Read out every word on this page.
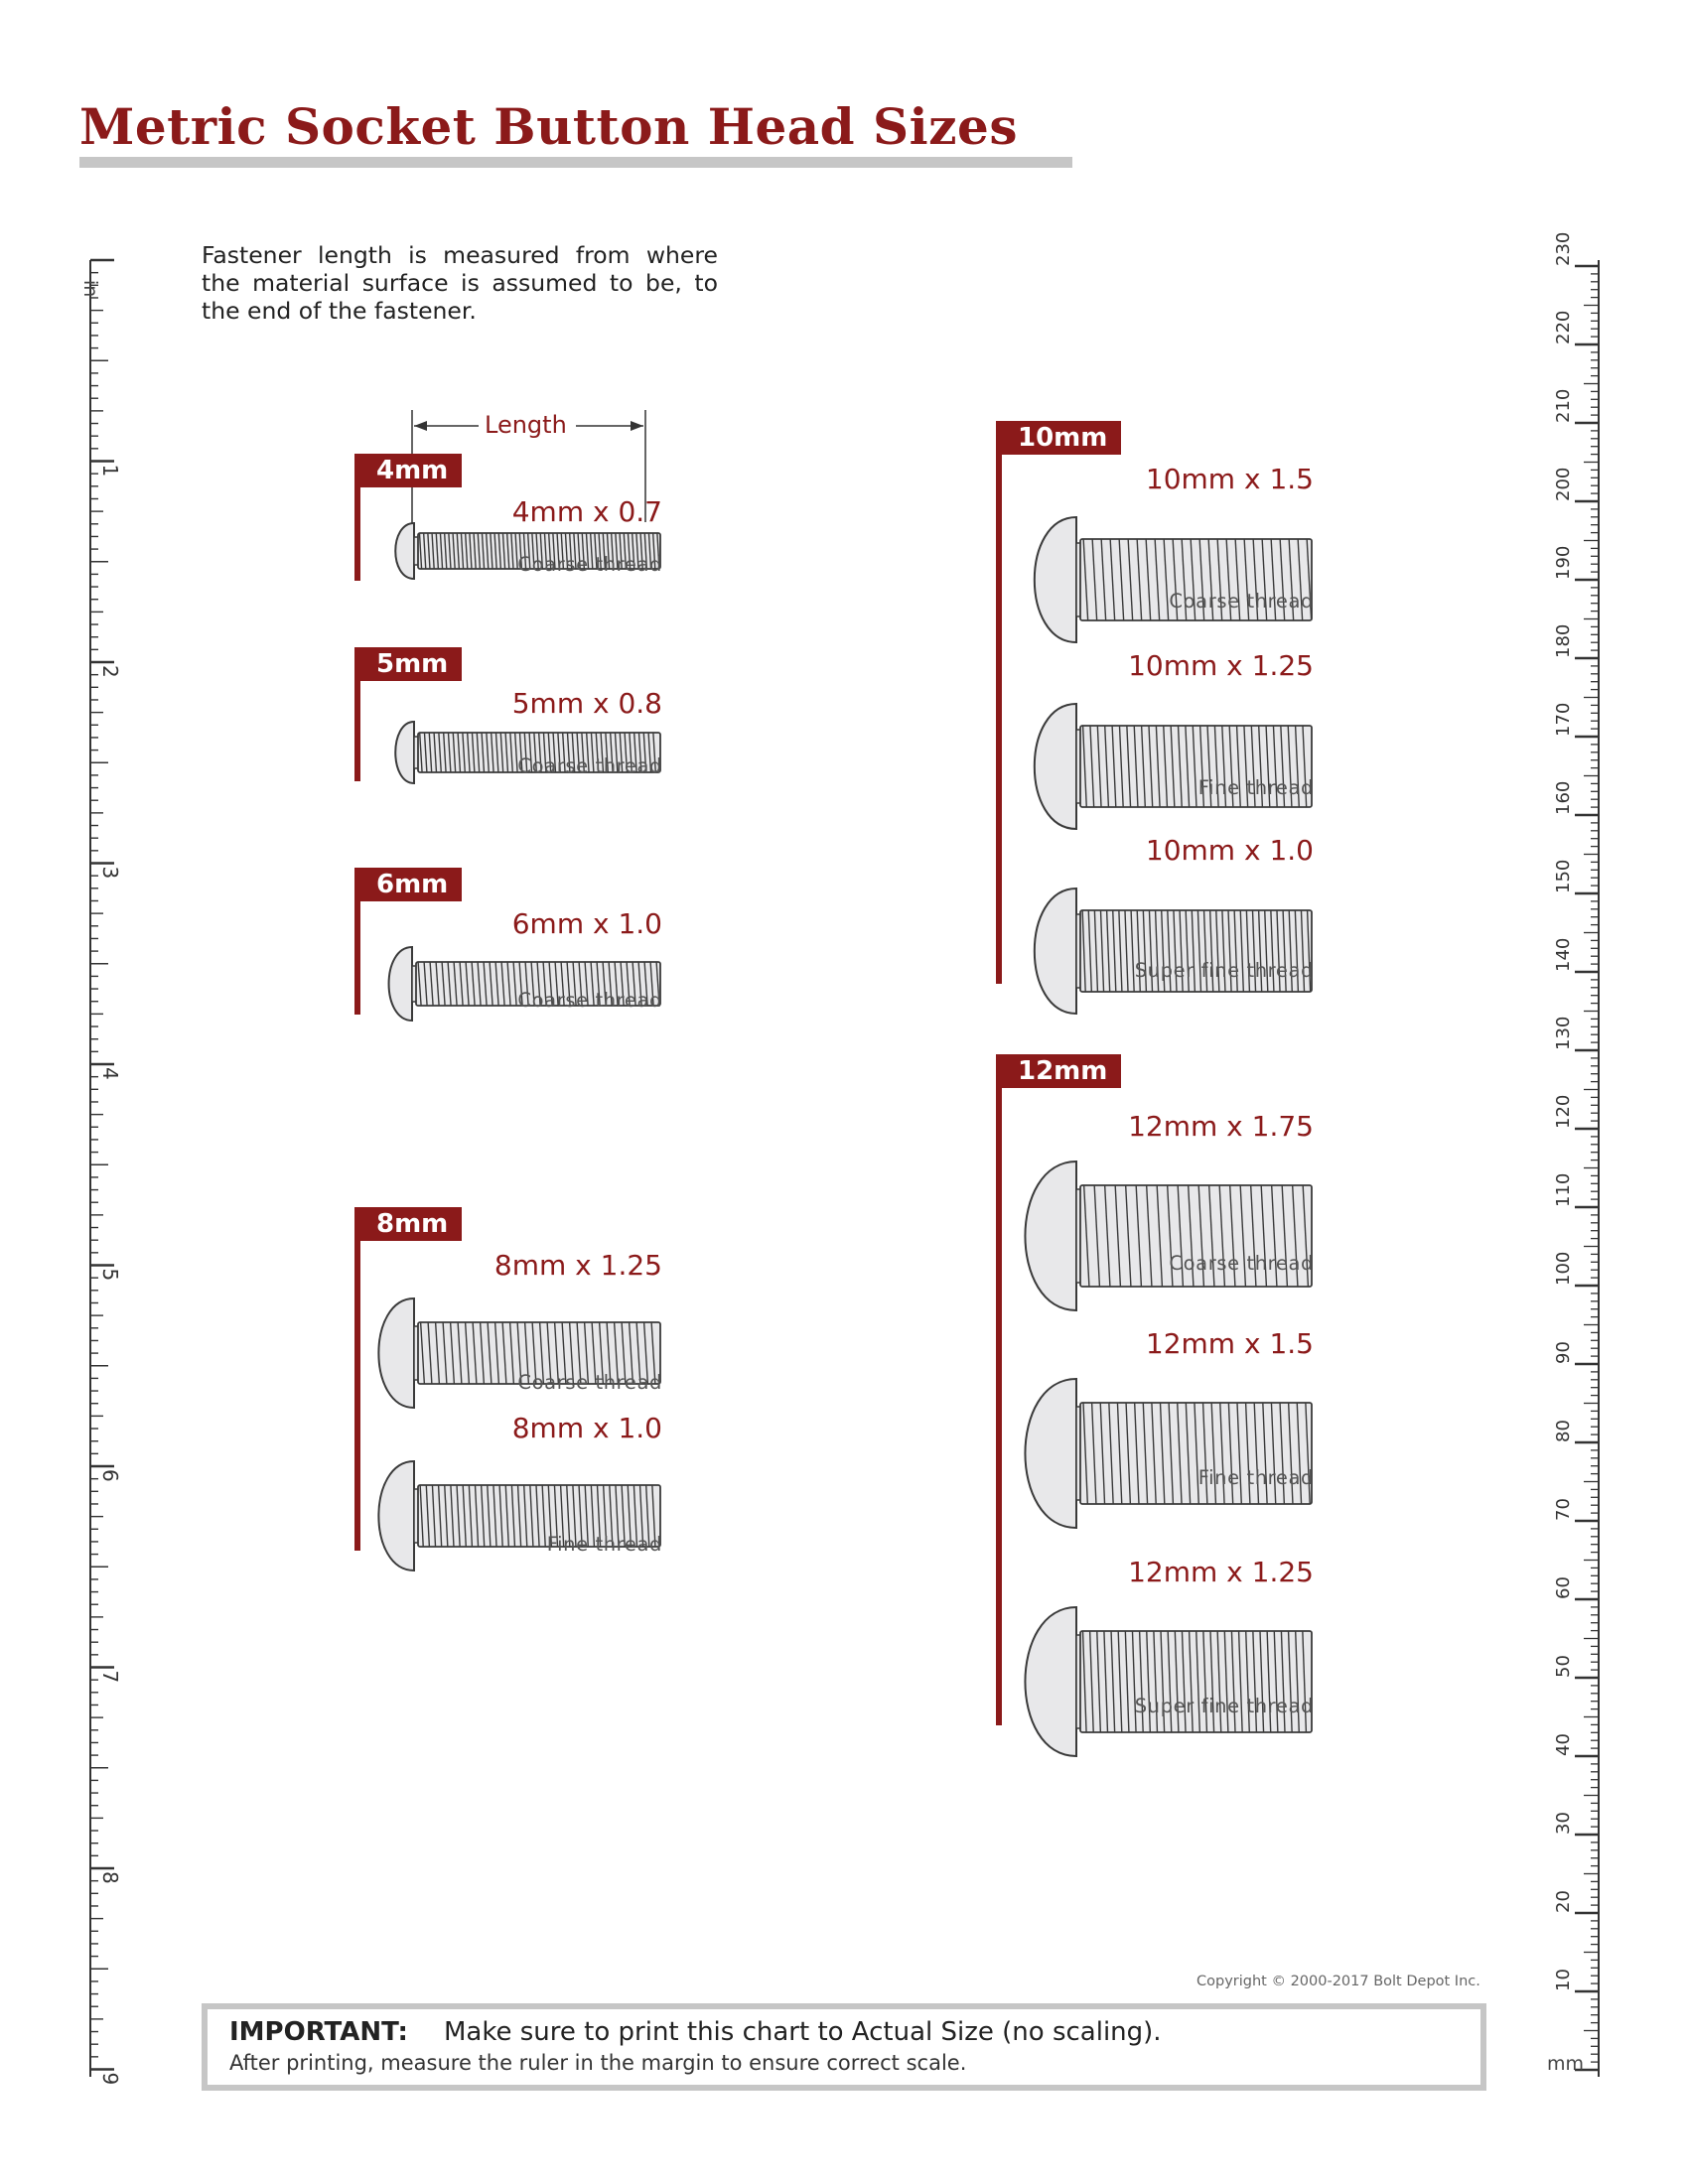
Metric Socket Button Head Sizes
Fastener length is measured from where the material surface is assumed to be, to the end of the fastener.
Length
4mm
4mm x 0.7
Coarse thread
5mm
5mm x 0.8
Coarse thread
6mm
6mm x 1.0
Coarse thread
8mm
8mm x 1.25
Coarse thread
8mm x 1.0
Fine thread
10mm
10mm x 1.5
Coarse thread
10mm x 1.25
Fine thread
10mm x 1.0
Super fine thread
12mm
12mm x 1.75
Coarse thread
12mm x 1.5
Fine thread
12mm x 1.25
Super fine thread
1
2
3
4
5
6
7
8
9
in
10
20
30
40
50
60
70
80
90
100
110
120
130
140
150
160
170
180
190
200
210
220
230
mm
Copyright © 2000-2017 Bolt Depot Inc.
IMPORTANT: Make sure to print this chart to Actual Size (no scaling).
After printing, measure the ruler in the margin to ensure correct scale.
